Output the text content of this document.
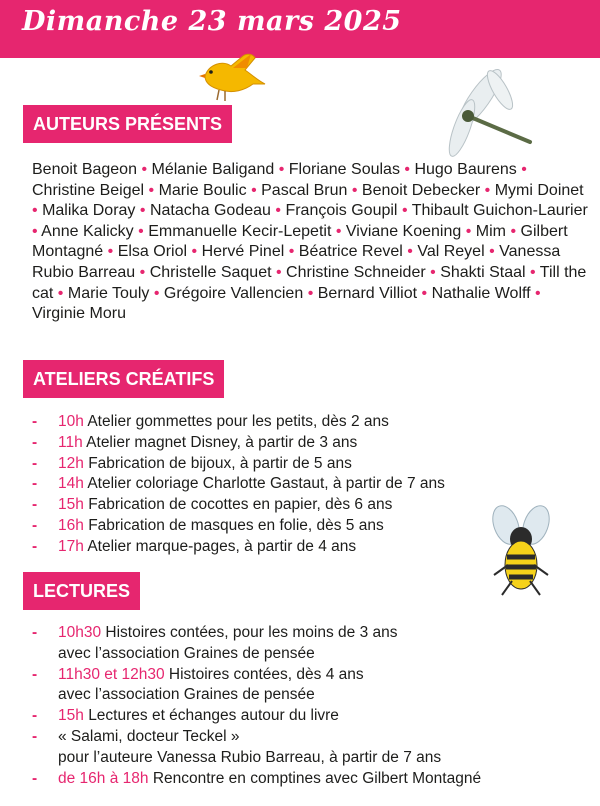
Dimanche 23 mars 2025
AUTEURS PRÉSENTS
Benoit Bageon • Mélanie Baligand • Floriane Soulas • Hugo Baurens • Christine Beigel • Marie Boulic • Pascal Brun • Benoit Debecker • Mymi Doinet • Malika Doray • Natacha Godeau • François Goupil • Thibault Guichon-Laurier • Anne Kalicky • Emmanuelle Kecir-Lepetit • Viviane Koening • Mim • Gilbert Montagné • Elsa Oriol • Hervé Pinel • Béatrice Revel • Val Reyel • Vanessa Rubio Barreau • Christelle Saquet • Christine Schneider • Shakti Staal • Till the cat • Marie Touly • Grégoire Vallencien • Bernard Villiot • Nathalie Wolff • Virginie Moru
ATELIERS CRÉATIFS
- 10h Atelier gommettes pour les petits, dès 2 ans
- 11h Atelier magnet Disney, à partir de 3 ans
- 12h Fabrication de bijoux, à partir de 5 ans
- 14h Atelier coloriage Charlotte Gastaut, à partir de 7 ans
- 15h Fabrication de cocottes en papier, dès 6 ans
- 16h Fabrication de masques en folie, dès 5 ans
- 17h Atelier marque-pages, à partir de 4 ans
LECTURES
- 10h30 Histoires contées, pour les moins de 3 ans
avec l’association Graines de pensée
- 11h30 et 12h30 Histoires contées, dès 4 ans
avec l’association Graines de pensée
- 15h Lectures et échanges autour du livre
- « Salami, docteur Teckel »
pour l’auteure Vanessa Rubio Barreau, à partir de 7 ans
- de 16h à 18h Rencontre en comptines avec Gilbert Montagné
